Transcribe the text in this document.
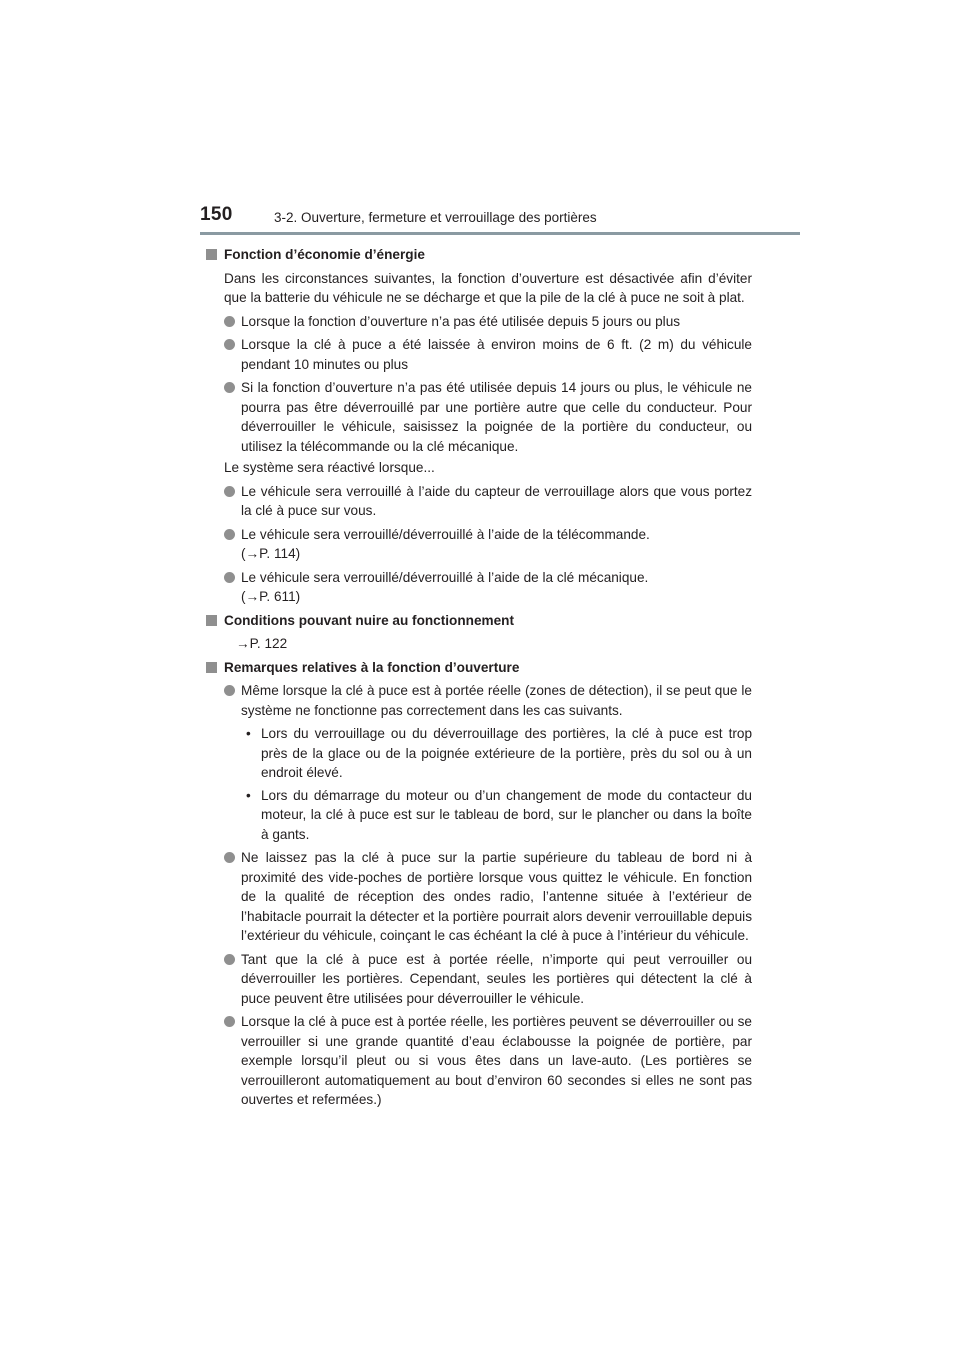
150	3-2. Ouverture, fermeture et verrouillage des portières
Fonction d’économie d’énergie

Dans les circonstances suivantes, la fonction d’ouverture est désactivée afin d’éviter que la batterie du véhicule ne se décharge et que la pile de la clé à puce ne soit à plat.

Lorsque la fonction d’ouverture n’a pas été utilisée depuis 5 jours ou plus

Lorsque la clé à puce a été laissée à environ moins de 6 ft. (2 m) du véhicule pendant 10 minutes ou plus

Si la fonction d’ouverture n’a pas été utilisée depuis 14 jours ou plus, le véhicule ne pourra pas être déverrouillé par une portière autre que celle du conducteur. Pour déverrouiller le véhicule, saisissez la poignée de la portière du conducteur, ou utilisez la télécommande ou la clé mécanique.

Le système sera réactivé lorsque...

Le véhicule sera verrouillé à l’aide du capteur de verrouillage alors que vous portez la clé à puce sur vous.

Le véhicule sera verrouillé/déverrouillé à l’aide de la télécommande.

(→P. 114)

Le véhicule sera verrouillé/déverrouillé à l’aide de la clé mécanique.

(→P. 611)
Conditions pouvant nuire au fonctionnement

→P. 122

Remarques relatives à la fonction d’ouverture

Même lorsque la clé à puce est à portée réelle (zones de détection), il se peut que le système ne fonctionne pas correctement dans les cas suivants.

• Lors du verrouillage ou du déverrouillage des portières, la clé à puce est trop près de la glace ou de la poignée extérieure de la portière, près du sol ou à un endroit élevé.

• Lors du démarrage du moteur ou d’un changement de mode du contacteur du moteur, la clé à puce est sur le tableau de bord, sur le plancher ou dans la boîte à gants.

Ne laissez pas la clé à puce sur la partie supérieure du tableau de bord ni à proximité des vide-poches de portière lorsque vous quittez le véhicule. En fonction de la qualité de réception des ondes radio, l’antenne située à l’extérieur de l’habitacle pourrait la détecter et la portière pourrait alors devenir verrouillable depuis l’extérieur du véhicule, coinçant le cas échéant la clé à puce à l’intérieur du véhicule.

Tant que la clé à puce est à portée réelle, n’importe qui peut verrouiller ou déverrouiller les portières. Cependant, seules les portières qui détectent la clé à puce peuvent être utilisées pour déverrouiller le véhicule.

Lorsque la clé à puce est à portée réelle, les portières peuvent se déverrouiller ou se verrouiller si une grande quantité d’eau éclabousse la poignée de portière, par exemple lorsqu’il pleut ou si vous êtes dans un lave-auto. (Les portières se verrouilleront automatiquement au bout d’environ 60 secondes si elles ne sont pas ouvertes et refermées.)
